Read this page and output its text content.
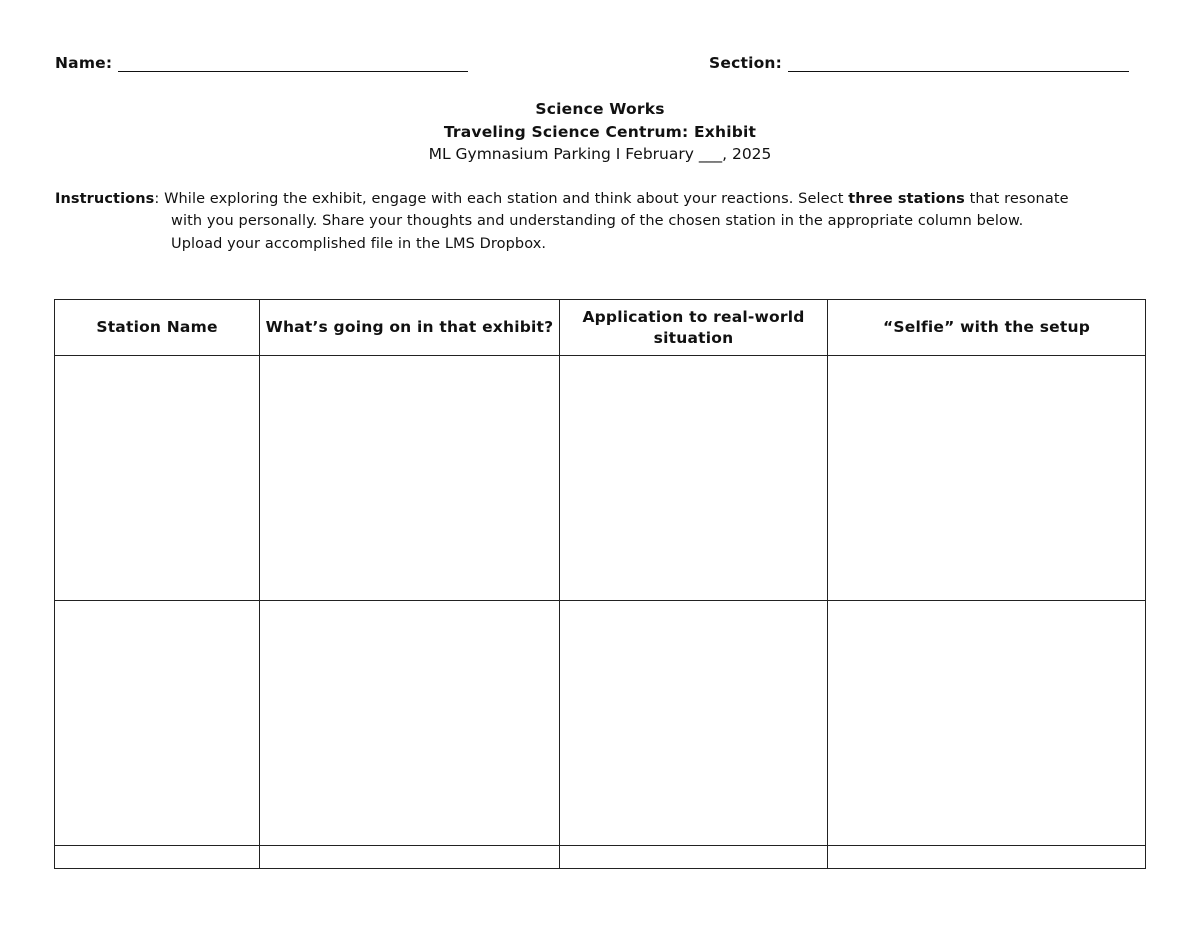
Name:	Section:
Science Works
Traveling Science Centrum: Exhibit
ML Gymnasium Parking I February ___, 2025
Instructions: While exploring the exhibit, engage with each station and think about your reactions. Select three stations that resonate
with you personally. Share your thoughts and understanding of the chosen station in the appropriate column below.
Upload your accomplished file in the LMS Dropbox.
Station Name	What’s going on in that exhibit?	Application to real-world situation	“Selfie” with the setup
